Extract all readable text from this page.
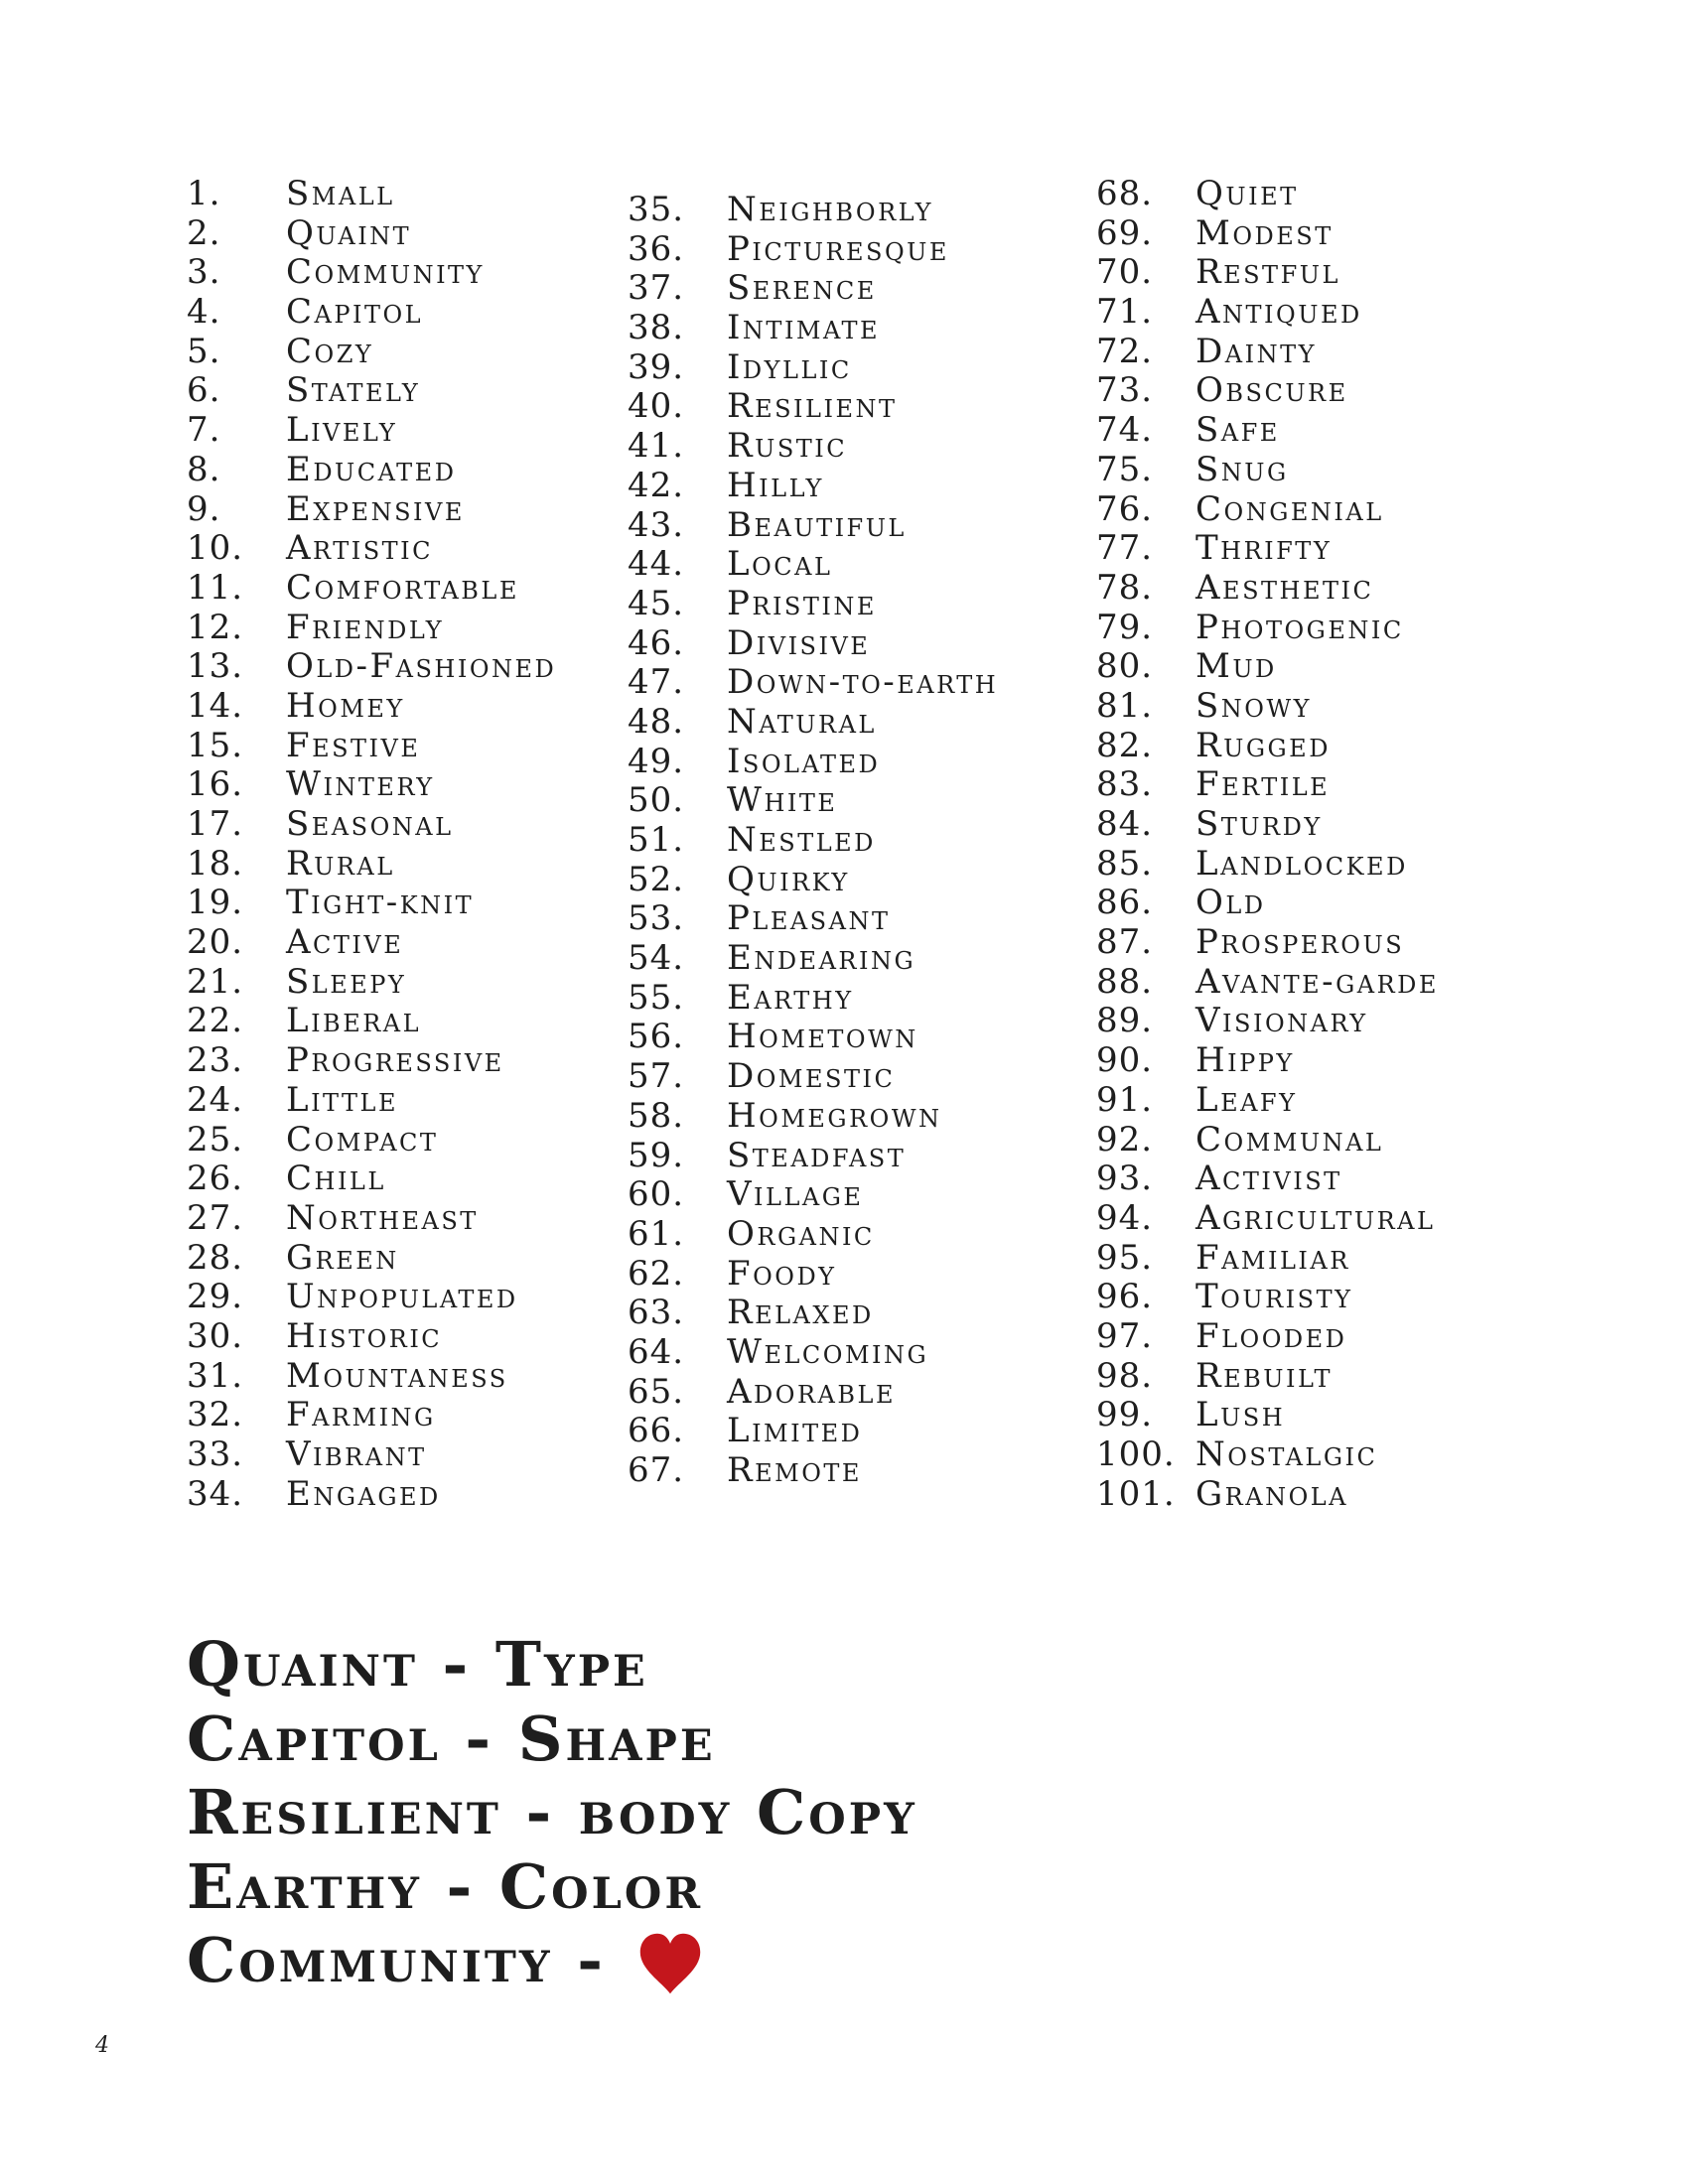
1. Small
2. Quaint
3. Community
4. Capitol
5. Cozy
6. Stately
7. Lively
8. Educated
9. Expensive
10. Artistic
11. Comfortable
12. Friendly
13. Old-Fashioned
14. Homey
15. Festive
16. Wintery
17. Seasonal
18. Rural
19. Tight-knit
20. Active
21. Sleepy
22. Liberal
23. Progressive
24. Little
25. Compact
26. Chill
27. Northeast
28. Green
29. Unpopulated
30. Historic
31. Mountaness
32. Farming
33. Vibrant
34. Engaged
35. Neighborly
36. Picturesque
37. Serence
38. Intimate
39. Idyllic
40. Resilient
41. Rustic
42. Hilly
43. Beautiful
44. Local
45. Pristine
46. Divisive
47. Down-to-earth
48. Natural
49. Isolated
50. White
51. Nestled
52. Quirky
53. Pleasant
54. Endearing
55. Earthy
56. Hometown
57. Domestic
58. Homegrown
59. Steadfast
60. Village
61. Organic
62. Foody
63. Relaxed
64. Welcoming
65. Adorable
66. Limited
67. Remote
68. Quiet
69. Modest
70. Restful
71. Antiqued
72. Dainty
73. Obscure
74. Safe
75. Snug
76. Congenial
77. Thrifty
78. Aesthetic
79. Photogenic
80. Mud
81. Snowy
82. Rugged
83. Fertile
84. Sturdy
85. Landlocked
86. Old
87. Prosperous
88. Avante-garde
89. Visionary
90. Hippy
91. Leafy
92. Communal
93. Activist
94. Agricultural
95. Familiar
96. Touristy
97. Flooded
98. Rebuilt
99. Lush
100. Nostalgic
101. Granola
Quaint - Type
Capitol - Shape
Resilient - body Copy
Earthy - Color
Community -
4
